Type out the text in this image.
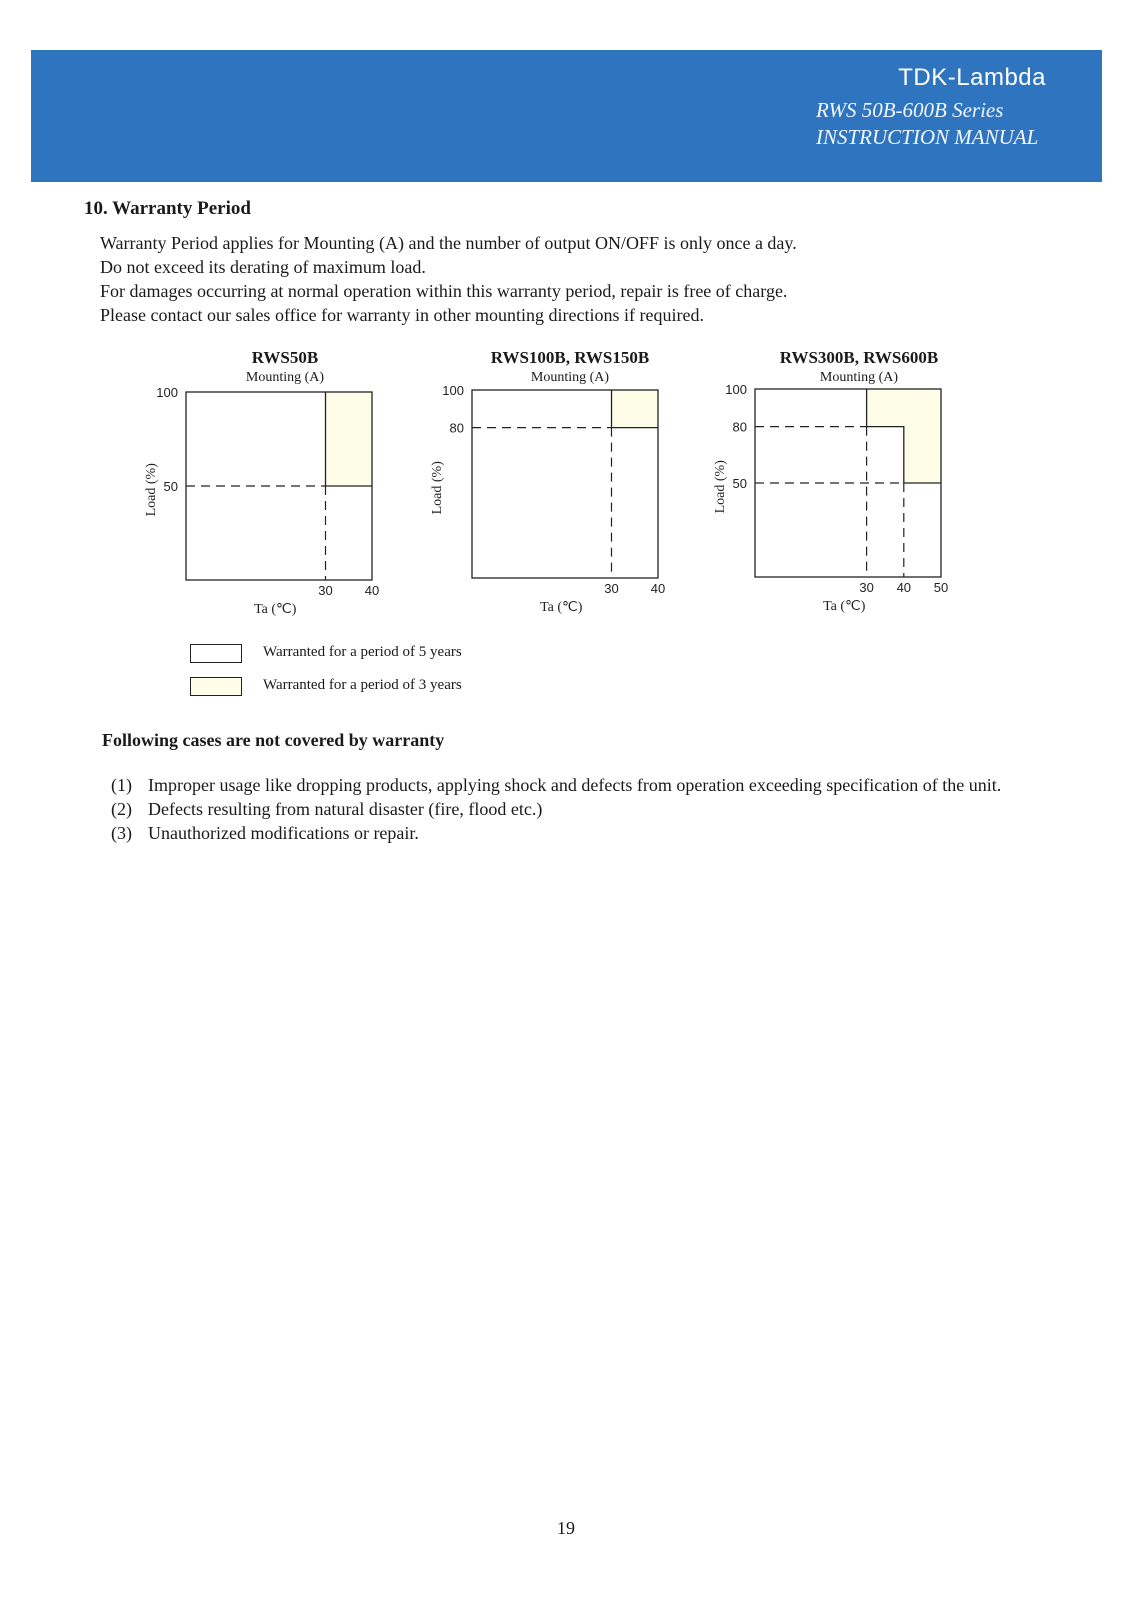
TDK-Lambda
RWS 50B-600B Series
INSTRUCTION MANUAL
10. Warranty Period
Warranty Period applies for Mounting (A) and the number of output ON/OFF is only once a day.
Do not exceed its derating of maximum load.
For damages occurring at normal operation within this warranty period, repair is free of charge.
Please contact our sales office for warranty in other mounting directions if required.
RWS50B
Mounting (A)
100
50
30 40
Ta (℃)
Load (%)
RWS100B, RWS150B
Mounting (A)
100
80
30 40
Ta (℃)
Load (%)
RWS300B, RWS600B
Mounting (A)
100
80
50
30 40 50
Ta (℃)
Load (%)
Warranted for a period of 5 years
Warranted for a period of 3 years
Following cases are not covered by warranty
(1) Improper usage like dropping products, applying shock and defects from operation exceeding specification of the unit.
(2) Defects resulting from natural disaster (fire, flood etc.)
(3) Unauthorized modifications or repair.
19
